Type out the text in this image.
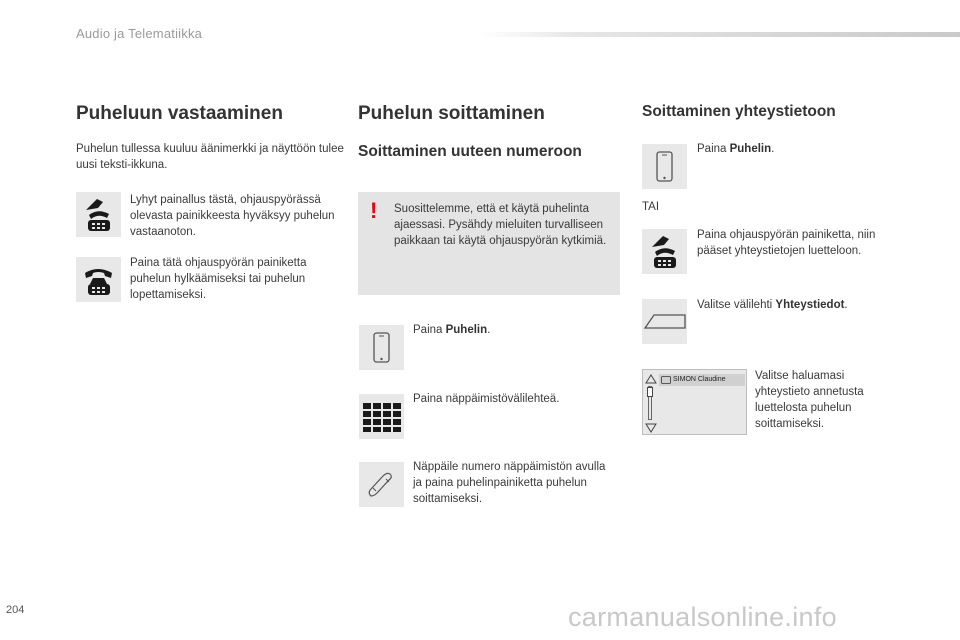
Audio ja Telematiikka
Puheluun vastaaminen

Puhelun tullessa kuuluu äänimerkki ja näyttöön tulee uusi teksti-ikkuna.

Lyhyt painallus tästä, ohjauspyörässä olevasta painikkeesta hyväksyy puhelun vastaanoton.

Paina tätä ohjauspyörän painiketta puhelun hylkäämiseksi tai puhelun lopettamiseksi.

Puhelun soittaminen
Soittaminen uuteen numeroon
! Suosittelemme, että et käytä puhelinta ajaessasi. Pysähdy mieluiten turvalliseen paikkaan tai käytä ohjauspyörän kytkimiä.

Paina Puhelin.

Paina näppäimistövälilehteä.

Näppäile numero näppäimistön avulla ja paina puhelinpainiketta puhelun soittamiseksi.

Soittaminen yhteystietoon

Paina Puhelin.

TAI

Paina ohjauspyörän painiketta, niin pääset yhteystietojen luetteloon.

Valitse välilehti Yhteystiedot.

SIMON Claudine	Valitse haluamasi yhteystieto annetusta luettelosta puhelun soittamiseksi.

204	carmanualsonline.info
